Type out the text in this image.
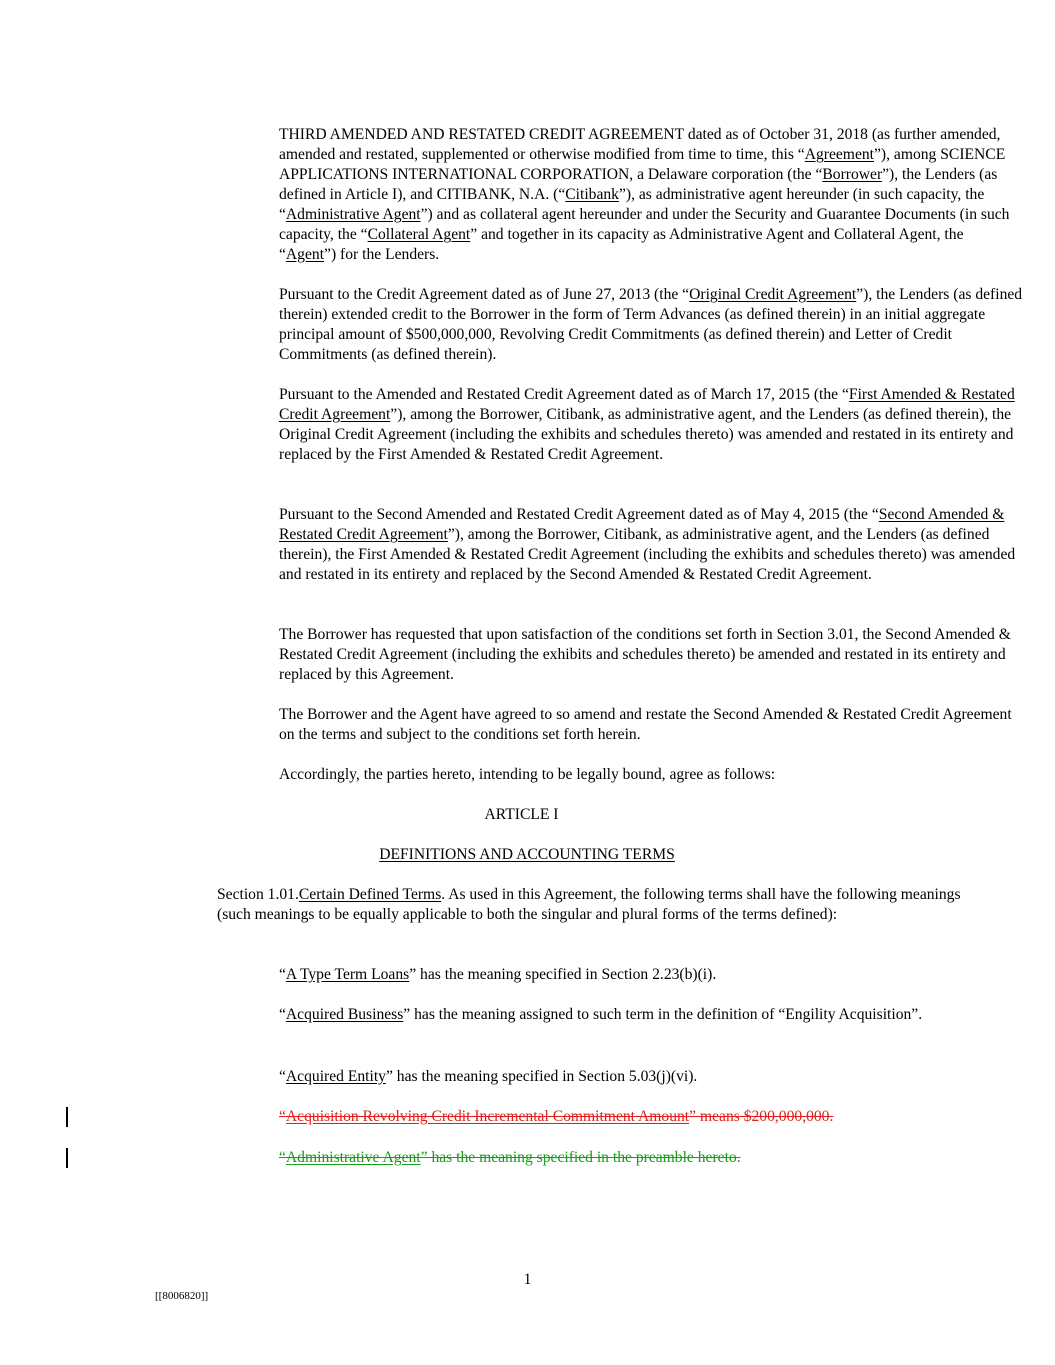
THIRD AMENDED AND RESTATED CREDIT AGREEMENT dated as of October 31, 2018 (as further amended, amended and restated, supplemented or otherwise modified from time to time, this “Agreement”), among SCIENCE APPLICATIONS INTERNATIONAL CORPORATION, a Delaware corporation (the “Borrower”), the Lenders (as defined in Article I), and CITIBANK, N.A. (“Citibank”), as administrative agent hereunder (in such capacity, the “Administrative Agent”) and as collateral agent hereunder and under the Security and Guarantee Documents (in such capacity, the “Collateral Agent” and together in its capacity as Administrative Agent and Collateral Agent, the “Agent”) for the Lenders.
Pursuant to the Credit Agreement dated as of June 27, 2013 (the “Original Credit Agreement”), the Lenders (as defined therein) extended credit to the Borrower in the form of Term Advances (as defined therein) in an initial aggregate principal amount of $500,000,000, Revolving Credit Commitments (as defined therein) and Letter of Credit Commitments (as defined therein).
Pursuant to the Amended and Restated Credit Agreement dated as of March 17, 2015 (the “First Amended & Restated Credit Agreement”), among the Borrower, Citibank, as administrative agent, and the Lenders (as defined therein), the Original Credit Agreement (including the exhibits and schedules thereto) was amended and restated in its entirety and replaced by the First Amended & Restated Credit Agreement.
Pursuant to the Second Amended and Restated Credit Agreement dated as of May 4, 2015 (the “Second Amended & Restated Credit Agreement”), among the Borrower, Citibank, as administrative agent, and the Lenders (as defined therein), the First Amended & Restated Credit Agreement (including the exhibits and schedules thereto) was amended and restated in its entirety and replaced by the Second Amended & Restated Credit Agreement.
The Borrower has requested that upon satisfaction of the conditions set forth in Section 3.01, the Second Amended & Restated Credit Agreement (including the exhibits and schedules thereto) be amended and restated in its entirety and replaced by this Agreement.
The Borrower and the Agent have agreed to so amend and restate the Second Amended & Restated Credit Agreement on the terms and subject to the conditions set forth herein.
Accordingly, the parties hereto, intending to be legally bound, agree as follows:
ARTICLE I
DEFINITIONS AND ACCOUNTING TERMS
Section 1.01.Certain Defined Terms. As used in this Agreement, the following terms shall have the following meanings (such meanings to be equally applicable to both the singular and plural forms of the terms defined):
“A Type Term Loans” has the meaning specified in Section 2.23(b)(i).
“Acquired Business” has the meaning assigned to such term in the definition of “Engility Acquisition”.
“Acquired Entity” has the meaning specified in Section 5.03(j)(vi).
“Acquisition Revolving Credit Incremental Commitment Amount” means $200,000,000.
“Administrative Agent” has the meaning specified in the preamble hereto.
1
[[8006820]]
